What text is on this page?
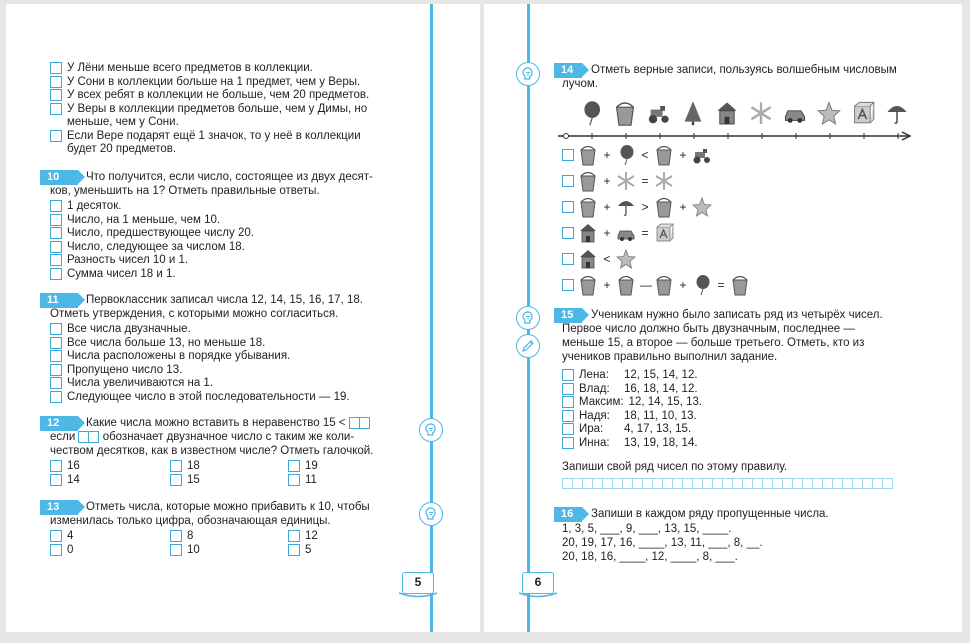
У Лёни меньше всего предметов в коллекции.
У Сони в коллекции больше на 1 предмет, чем у Веры.
У всех ребят в коллекции не больше, чем 20 предметов.
У Веры в коллекции предметов больше, чем у Димы, но
меньше, чем у Сони.
Если Вере подарят ещё 1 значок, то у неё в коллекции
будет 20 предметов.
10	Что получится, если число, состоящее из двух десят-
ков, уменьшить на 1? Отметь правильные ответы.
1 десяток.
Число, на 1 меньше, чем 10.
Число, предшествующее числу 20.
Число, следующее за числом 18.
Разность чисел 10 и 1.
Сумма чисел 18 и 1.
11	Первоклассник записал числа 12, 14, 15, 16, 17, 18.
Отметь утверждения, с которыми можно согласиться.
Все числа двузначные.
Все числа больше 13, но меньше 18.
Числа расположены в порядке убывания.
Пропущено число 13.
Числа увеличиваются на 1.
Следующее число в этой последовательности — 19.
12	Какие числа можно вставить в неравенство 15 <
если обозначает двузначное число с таким же коли-
чеством десятков, как в известном числе? Отметь галочкой.
16	18	19
14	15	11
13	Отметь числа, которые можно прибавить к 10, чтобы
изменилась только цифра, обозначающая единицы.
4	8	12
0	10	5
5
14	Отметь верные записи, пользуясь волшебным числовым
лучом.
+	<	+
+	=
+	>	+
+	=
<
+ — +	=
15	Ученикам нужно было записать ряд из четырёх чисел.
Первое число должно быть двузначным, последнее —
меньше 15, а второе — больше третьего. Отметь, кто из
учеников правильно выполнил задание.
Лена:	12, 15, 14, 12.
Влад:	16, 18, 14, 12.
Максим: 12, 14, 15, 13.
Надя:	18, 11, 10, 13.
Ира:	4, 17, 13, 15.
Инна:	13, 19, 18, 14.
Запиши свой ряд чисел по этому правилу.
16	Запиши в каждом ряду пропущенные числа.
1, 3, 5, ___, 9, ___, 13, 15, ____.
20, 19, 17, 16, ____, 13, 11, ___, 8, __.
20, 18, 16, ____, 12, ____, 8, ___.
6
